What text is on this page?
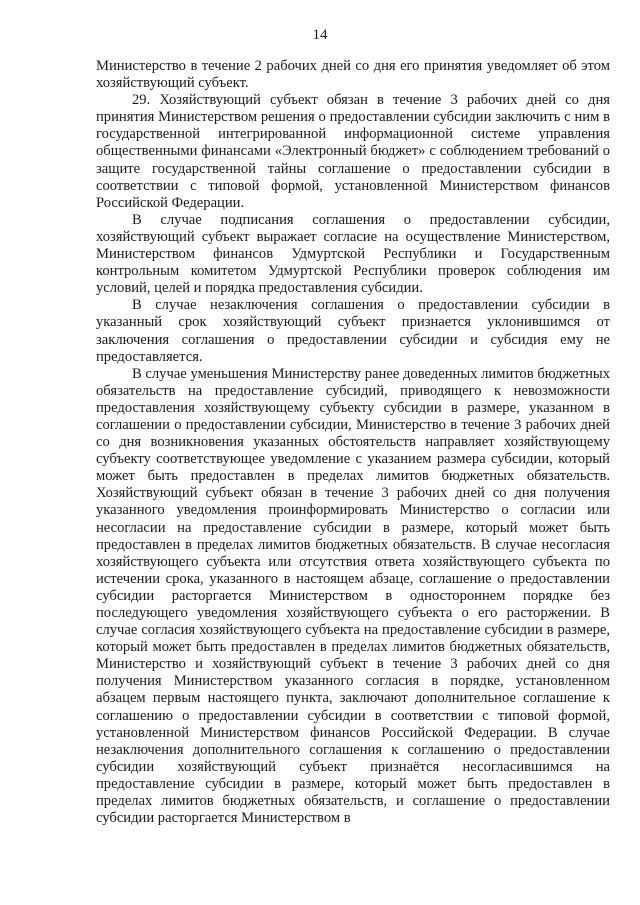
14

Министерство в течение 2 рабочих дней со дня его принятия уведомляет об этом хозяйствующий субъект.

29. Хозяйствующий субъект обязан в течение 3 рабочих дней со дня принятия Министерством решения о предоставлении субсидии заключить с ним в государственной интегрированной информационной системе управления общественными финансами «Электронный бюджет» с соблюдением требований о защите государственной тайны соглашение о предоставлении субсидии в соответствии с типовой формой, установленной Министерством финансов Российской Федерации.

В случае подписания соглашения о предоставлении субсидии, хозяйствующий субъект выражает согласие на осуществление Министерством, Министерством финансов Удмуртской Республики и Государственным контрольным комитетом Удмуртской Республики проверок соблюдения им условий, целей и порядка предоставления субсидии.

В случае незаключения соглашения о предоставлении субсидии в указанный срок хозяйствующий субъект признается уклонившимся от заключения соглашения о предоставлении субсидии и субсидия ему не предоставляется.

В случае уменьшения Министерству ранее доведенных лимитов бюджетных обязательств на предоставление субсидий, приводящего к невозможности предоставления хозяйствующему субъекту субсидии в размере, указанном в соглашении о предоставлении субсидии, Министерство в течение 3 рабочих дней со дня возникновения указанных обстоятельств направляет хозяйствующему субъекту соответствующее уведомление с указанием размера субсидии, который может быть предоставлен в пределах лимитов бюджетных обязательств. Хозяйствующий субъект обязан в течение 3 рабочих дней со дня получения указанного уведомления проинформировать Министерство о согласии или несогласии на предоставление субсидии в размере, который может быть предоставлен в пределах лимитов бюджетных обязательств. В случае несогласия хозяйствующего субъекта или отсутствия ответа хозяйствующего субъекта по истечении срока, указанного в настоящем абзаце, соглашение о предоставлении субсидии расторгается Министерством в одностороннем порядке без последующего уведомления хозяйствующего субъекта о его расторжении. В случае согласия хозяйствующего субъекта на предоставление субсидии в размере, который может быть предоставлен в пределах лимитов бюджетных обязательств, Министерство и хозяйствующий субъект в течение 3 рабочих дней со дня получения Министерством указанного согласия в порядке, установленном абзацем первым настоящего пункта, заключают дополнительное соглашение к соглашению о предоставлении субсидии в соответствии с типовой формой, установленной Министерством финансов Российской Федерации. В случае незаключения дополнительного соглашения к соглашению о предоставлении субсидии хозяйствующий субъект признаётся несогласившимся на предоставление субсидии в размере, который может быть предоставлен в пределах лимитов бюджетных обязательств, и соглашение о предоставлении субсидии расторгается Министерством в
